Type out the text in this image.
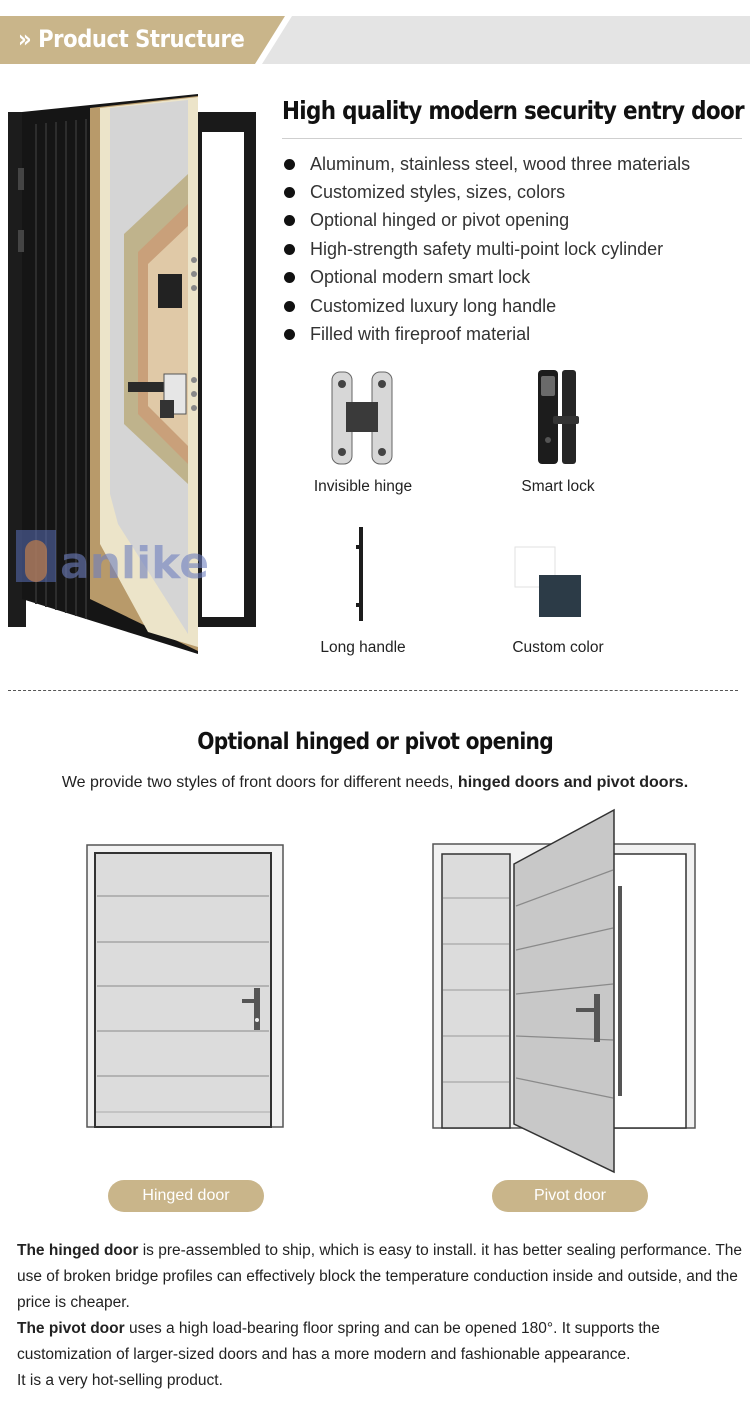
» Product Structure
anlike
High quality modern security entry door
Aluminum, stainless steel, wood three materials
Customized styles, sizes, colors
Optional hinged or pivot opening
High-strength safety multi-point lock cylinder
Optional modern smart lock
Customized luxury long handle
Filled with fireproof material
Invisible hinge	Smart lock
Long handle	Custom color
Optional hinged or pivot opening
We provide two styles of front doors for different needs, hinged doors and pivot doors.
Hinged door	Pivot door

The hinged door is pre-assembled to ship, which is easy to install. it has better sealing performance. The use of broken bridge profiles can effectively block the temperature conduction inside and outside, and the price is cheaper.

The pivot door uses a high load-bearing floor spring and can be opened 180°. It supports the customization of larger-sized doors and has a more modern and fashionable appearance.

It is a very hot-selling product.
